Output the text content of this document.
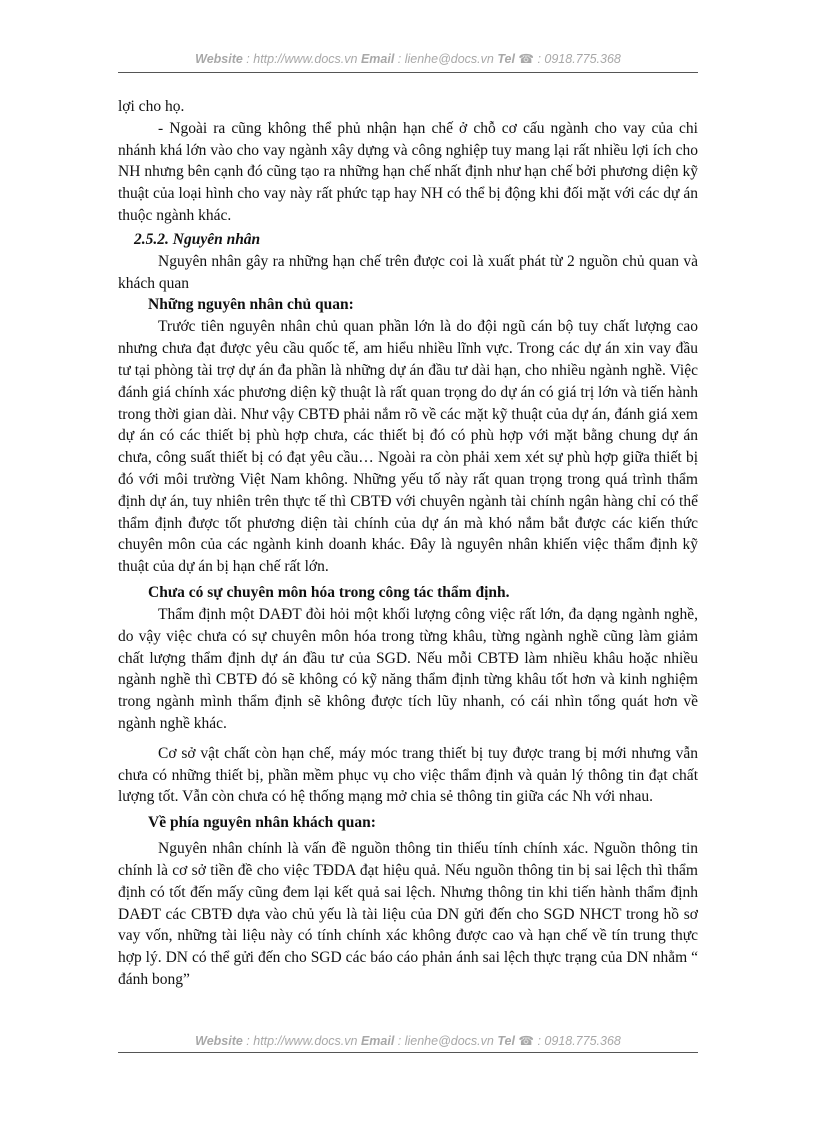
Website : http://www.docs.vn Email : lienhe@docs.vn Tel ☎ : 0918.775.368

lợi cho họ.

- Ngoài ra cũng không thể phủ nhận hạn chế ở chỗ cơ cấu ngành cho vay của chi nhánh khá lớn vào cho vay ngành xây dựng và công nghiệp tuy mang lại rất nhiều lợi ích cho NH nhưng bên cạnh đó cũng tạo ra những hạn chế nhất định như hạn chế bởi phương diện kỹ thuật của loại hình cho vay này rất phức tạp hay NH có thể bị động khi đối mặt với các dự án thuộc ngành khác.

2.5.2. Nguyên nhân

Nguyên nhân gây ra những hạn chế trên được coi là xuất phát từ 2 nguồn chủ quan và khách quan

Những nguyên nhân chủ quan:

Trước tiên nguyên nhân chủ quan phần lớn là do đội ngũ cán bộ tuy chất lượng cao nhưng chưa đạt được yêu cầu quốc tế, am hiểu nhiều lĩnh vực. Trong các dự án xin vay đầu tư tại phòng tài trợ dự án đa phần là những dự án đầu tư dài hạn, cho nhiều ngành nghề. Việc đánh giá chính xác phương diện kỹ thuật là rất quan trọng do dự án có giá trị lớn và tiến hành trong thời gian dài. Như vậy CBTĐ phải nắm rõ về các mặt kỹ thuật của dự án, đánh giá xem dự án có các thiết bị phù hợp chưa, các thiết bị đó có phù hợp với mặt bằng chung dự án chưa, công suất thiết bị có đạt yêu cầu… Ngoài ra còn phải xem xét sự phù hợp giữa thiết bị đó với môi trường Việt Nam không. Những yếu tố này rất quan trọng trong quá trình thẩm định dự án, tuy nhiên trên thực tế thì CBTĐ với chuyên ngành tài chính ngân hàng chỉ có thể thẩm định được tốt phương diện tài chính của dự án mà khó nắm bắt được các kiến thức chuyên môn của các ngành kinh doanh khác. Đây là nguyên nhân khiến việc thẩm định kỹ thuật của dự án bị hạn chế rất lớn.

Chưa có sự chuyên môn hóa trong công tác thẩm định.

Thẩm định một DAĐT đòi hỏi một khối lượng công việc rất lớn, đa dạng ngành nghề, do vậy việc chưa có sự chuyên môn hóa trong từng khâu, từng ngành nghề cũng làm giảm chất lượng thẩm định dự án đầu tư của SGD. Nếu mỗi CBTĐ làm nhiều khâu hoặc nhiều ngành nghề thì CBTĐ đó sẽ không có kỹ năng thẩm định từng khâu tốt hơn và kinh nghiệm trong ngành mình thẩm định sẽ không được tích lũy nhanh, có cái nhìn tổng quát hơn về ngành nghề khác.

Cơ sở vật chất còn hạn chế, máy móc trang thiết bị tuy được trang bị mới nhưng vẫn chưa có những thiết bị, phần mềm phục vụ cho việc thẩm định và quản lý thông tin đạt chất lượng tốt. Vẫn còn chưa có hệ thống mạng mở chia sẻ thông tin giữa các Nh với nhau.

Về phía nguyên nhân khách quan:

Nguyên nhân chính là vấn đề nguồn thông tin thiếu tính chính xác. Nguồn thông tin chính là cơ sở tiền đề cho việc TĐDA đạt hiệu quả. Nếu nguồn thông tin bị sai lệch thì thẩm định có tốt đến mấy cũng đem lại kết quả sai lệch. Nhưng thông tin khi tiến hành thẩm định DAĐT các CBTĐ dựa vào chủ yếu là tài liệu của DN gửi đến cho SGD NHCT trong hồ sơ vay vốn, những tài liệu này có tính chính xác không được cao và hạn chế về tín trung thực hợp lý. DN có thể gửi đến cho SGD các báo cáo phản ánh sai lệch thực trạng của DN nhằm “ đánh bong”

Website : http://www.docs.vn Email : lienhe@docs.vn Tel ☎ : 0918.775.368
